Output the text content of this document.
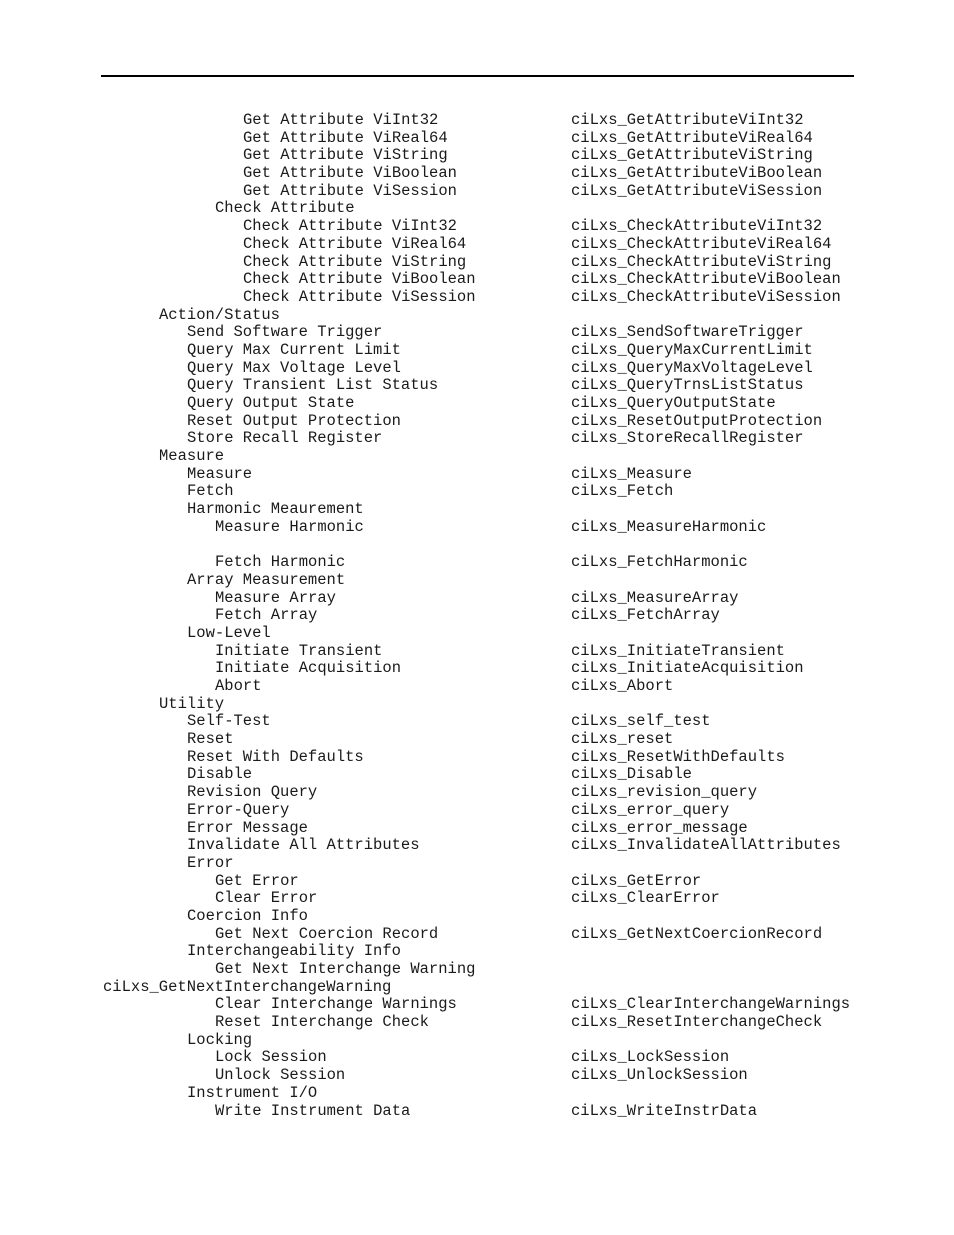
Get Attribute ViInt32	ciLxs_GetAttributeViInt32
Get Attribute ViReal64	ciLxs_GetAttributeViReal64
Get Attribute ViString	ciLxs_GetAttributeViString
Get Attribute ViBoolean	ciLxs_GetAttributeViBoolean
Get Attribute ViSession	ciLxs_GetAttributeViSession
Check Attribute
Check Attribute ViInt32	ciLxs_CheckAttributeViInt32
Check Attribute ViReal64	ciLxs_CheckAttributeViReal64
Check Attribute ViString	ciLxs_CheckAttributeViString
Check Attribute ViBoolean	ciLxs_CheckAttributeViBoolean
Check Attribute ViSession	ciLxs_CheckAttributeViSession
Action/Status
Send Software Trigger	ciLxs_SendSoftwareTrigger
Query Max Current Limit	ciLxs_QueryMaxCurrentLimit
Query Max Voltage Level	ciLxs_QueryMaxVoltageLevel
Query Transient List Status	ciLxs_QueryTrnsListStatus
Query Output State	ciLxs_QueryOutputState
Reset Output Protection	ciLxs_ResetOutputProtection
Store Recall Register	ciLxs_StoreRecallRegister
Measure
Measure	ciLxs_Measure
Fetch	ciLxs_Fetch
Harmonic Meaurement
Measure Harmonic	ciLxs_MeasureHarmonic
Fetch Harmonic	ciLxs_FetchHarmonic
Array Measurement
Measure Array	ciLxs_MeasureArray
Fetch Array	ciLxs_FetchArray
Low-Level
Initiate Transient	ciLxs_InitiateTransient
Initiate Acquisition	ciLxs_InitiateAcquisition
Abort	ciLxs_Abort
Utility
Self-Test	ciLxs_self_test
Reset	ciLxs_reset
Reset With Defaults	ciLxs_ResetWithDefaults
Disable	ciLxs_Disable
Revision Query	ciLxs_revision_query
Error-Query	ciLxs_error_query
Error Message	ciLxs_error_message
Invalidate All Attributes	ciLxs_InvalidateAllAttributes
Error
Get Error	ciLxs_GetError
Clear Error	ciLxs_ClearError
Coercion Info
Get Next Coercion Record	ciLxs_GetNextCoercionRecord
Interchangeability Info
Get Next Interchange Warning
ciLxs_GetNextInterchangeWarning
Clear Interchange Warnings	ciLxs_ClearInterchangeWarnings
Reset Interchange Check	ciLxs_ResetInterchangeCheck
Locking
Lock Session	ciLxs_LockSession
Unlock Session	ciLxs_UnlockSession
Instrument I/O
Write Instrument Data	ciLxs_WriteInstrData
